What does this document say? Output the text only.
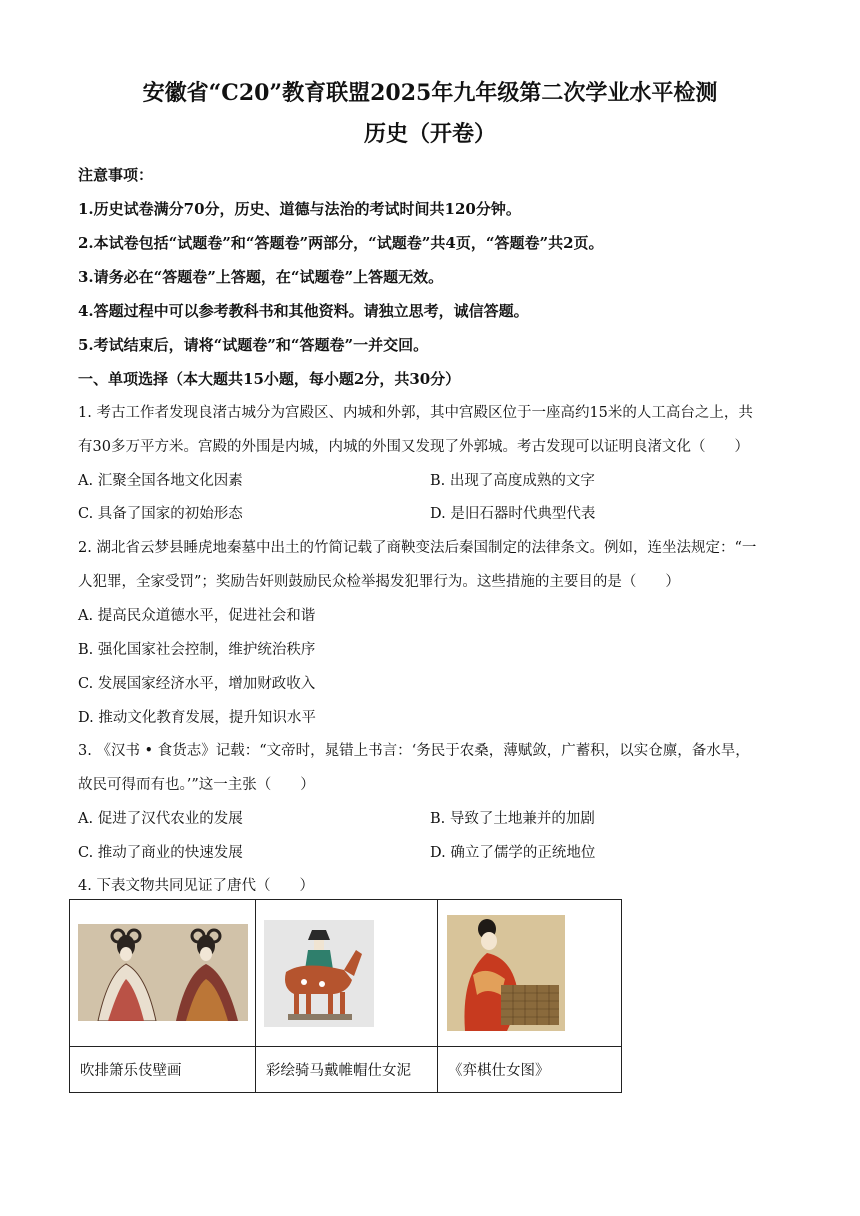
安徽省“C20”教育联盟2025年九年级第二次学业水平检测
历史（开卷）
注意事项：
1.历史试卷满分70分，历史、道德与法治的考试时间共120分钟。
2.本试卷包括“试题卷”和“答题卷”两部分，“试题卷”共4页，“答题卷”共2页。
3.请务必在“答题卷”上答题，在“试题卷”上答题无效。
4.答题过程中可以参考教科书和其他资料。请独立思考，诚信答题。
5.考试结束后，请将“试题卷”和“答题卷”一并交回。
一、单项选择（本大题共15小题，每小题2分，共30分）
1. 考古工作者发现良渚古城分为宫殿区、内城和外郭，其中宫殿区位于一座高约15米的人工高台之上，共
有30多万平方米。宫殿的外围是内城，内城的外围又发现了外郭城。考古发现可以证明良渚文化（　　）
A. 汇聚全国各地文化因素	B. 出现了高度成熟的文字
C. 具备了国家的初始形态	D. 是旧石器时代典型代表
2. 湖北省云梦县睡虎地秦墓中出土的竹简记载了商鞅变法后秦国制定的法律条文。例如，连坐法规定：“一
人犯罪，全家受罚”；奖励告奸则鼓励民众检举揭发犯罪行为。这些措施的主要目的是（　　）
A. 提高民众道德水平，促进社会和谐
B. 强化国家社会控制，维护统治秩序
C. 发展国家经济水平，增加财政收入
D. 推动文化教育发展，提升知识水平
3. 《汉书 • 食货志》记载：“文帝时，晁错上书言：‘务民于农桑，薄赋敛，广蓄积，以实仓廪，备水旱，
故民可得而有也。’”这一主张（　　）
A. 促进了汉代农业的发展	B. 导致了土地兼并的加剧
C. 推动了商业的快速发展	D. 确立了儒学的正统地位
4. 下表文物共同见证了唐代（　　）

吹排箫乐伎壁画	彩绘骑马戴帷帽仕女泥	《弈棋仕女图》
